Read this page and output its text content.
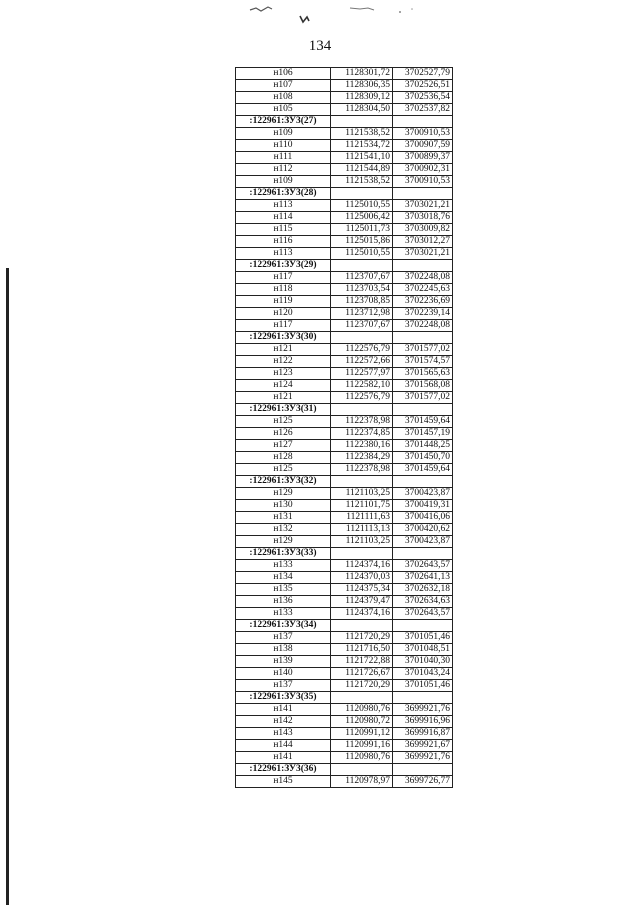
134
н106	1128301,72	3702527,79
н107	1128306,35	3702526,51
н108	1128309,12	3702536,54
н105	1128304,50	3702537,82
:122961:ЗУ3(27)		
н109	1121538,52	3700910,53
н110	1121534,72	3700907,59
н111	1121541,10	3700899,37
н112	1121544,89	3700902,31
н109	1121538,52	3700910,53
:122961:ЗУ3(28)		
н113	1125010,55	3703021,21
н114	1125006,42	3703018,76
н115	1125011,73	3703009,82
н116	1125015,86	3703012,27
н113	1125010,55	3703021,21
:122961:ЗУ3(29)		
н117	1123707,67	3702248,08
н118	1123703,54	3702245,63
н119	1123708,85	3702236,69
н120	1123712,98	3702239,14
н117	1123707,67	3702248,08
:122961:ЗУ3(30)		
н121	1122576,79	3701577,02
н122	1122572,66	3701574,57
н123	1122577,97	3701565,63
н124	1122582,10	3701568,08
н121	1122576,79	3701577,02
:122961:ЗУ3(31)		
н125	1122378,98	3701459,64
н126	1122374,85	3701457,19
н127	1122380,16	3701448,25
н128	1122384,29	3701450,70
н125	1122378,98	3701459,64
:122961:ЗУ3(32)		
н129	1121103,25	3700423,87
н130	1121101,75	3700419,31
н131	1121111,63	3700416,06
н132	1121113,13	3700420,62
н129	1121103,25	3700423,87
:122961:ЗУ3(33)		
н133	1124374,16	3702643,57
н134	1124370,03	3702641,13
н135	1124375,34	3702632,18
н136	1124379,47	3702634,63
н133	1124374,16	3702643,57
:122961:ЗУ3(34)		
н137	1121720,29	3701051,46
н138	1121716,50	3701048,51
н139	1121722,88	3701040,30
н140	1121726,67	3701043,24
н137	1121720,29	3701051,46
:122961:ЗУ3(35)		
н141	1120980,76	3699921,76
н142	1120980,72	3699916,96
н143	1120991,12	3699916,87
н144	1120991,16	3699921,67
н141	1120980,76	3699921,76
:122961:ЗУ3(36)		
н145	1120978,97	3699726,77
